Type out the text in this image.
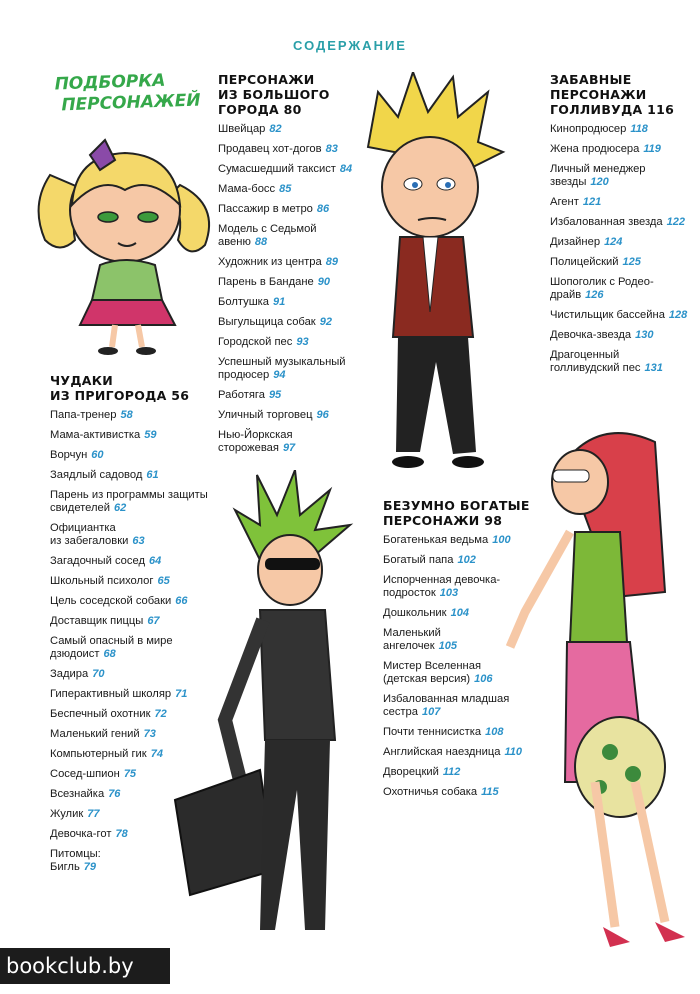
СОДЕРЖАНИЕ
ПОДБОРКА
ПЕРСОНАЖЕЙ
ЧУДАКИ
ИЗ ПРИГОРОДА 56
Папа-тренер 58
Мама-активистка 59
Ворчун 60
Заядлый садовод 61
Парень из программы защиты
свидетелей 62
Официантка
из забегаловки 63
Загадочный сосед 64
Школьный психолог 65
Цель соседской собаки 66
Доставщик пиццы 67
Самый опасный в мире
дзюдоист 68
Задира 70
Гиперактивный школяр 71
Беспечный охотник 72
Маленький гений 73
Компьютерный гик 74
Сосед-шпион 75
Всезнайка 76
Жулик 77
Девочка-гот 78
Питомцы:
Бигль 79
ПЕРСОНАЖИ
ИЗ БОЛЬШОГО
ГОРОДА 80
Швейцар 82
Продавец хот-догов 83
Сумасшедший таксист 84
Мама-босс 85
Пассажир в метро 86
Модель с Седьмой
авеню 88
Художник из центра 89
Парень в Бандане 90
Болтушка 91
Выгульщица собак 92
Городской пес 93
Успешный музыкальный
продюсер 94
Работяга 95
Уличный торговец 96
Нью-Йоркская
сторожевая 97
БЕЗУМНО БОГАТЫЕ
ПЕРСОНАЖИ 98
Богатенькая ведьма 100
Богатый папа 102
Испорченная девочка-подросток 103
Дошкольник 104
Маленький
ангелочек 105
Мистер Вселенная
(детская версия) 106
Избалованная младшая
сестра 107
Почти теннисистка 108
Английская наездница 110
Дворецкий 112
Охотничья собака 115
ЗАБАВНЫЕ
ПЕРСОНАЖИ
ГОЛЛИВУДА 116
Кинопродюсер 118
Жена продюсера 119
Личный менеджер
звезды 120
Агент 121
Избалованная звезда 122
Дизайнер 124
Полицейский 125
Шопоголик с Родео-
драйв 126
Чистильщик бассейна 128
Девочка-звезда 130
Драгоценный
голливудский пес 131
bookclub.by
